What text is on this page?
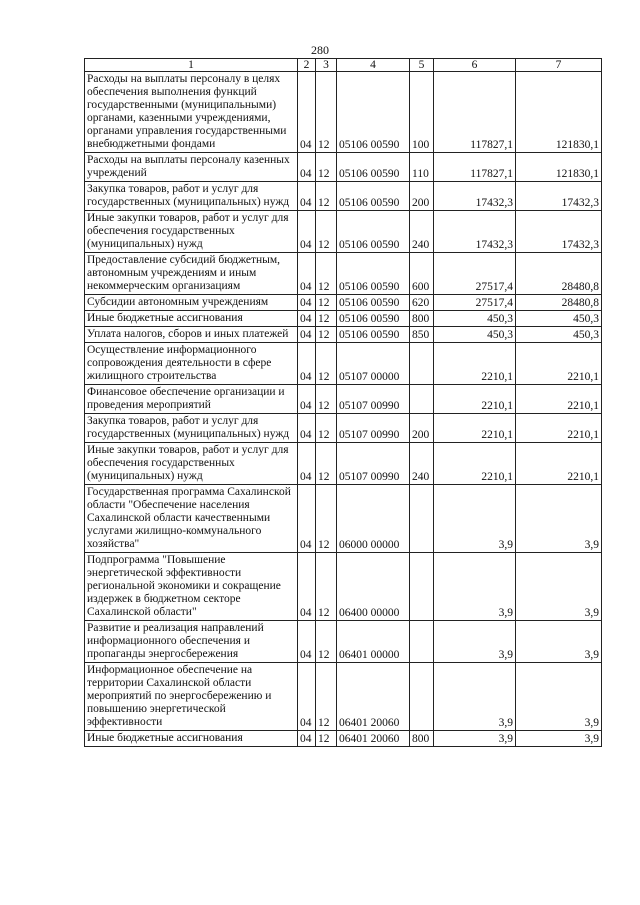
280
1	2	3	4	5	6	7
Расходы на выплаты персоналу в целях обеспечения выполнения функций государственными (муниципальными) органами, казенными учреждениями, органами управления государственными внебюджетными фондами	04	12	05106 00590	100	117827,1	121830,1
Расходы на выплаты персоналу казенных учреждений	04	12	05106 00590	110	117827,1	121830,1
Закупка товаров, работ и услуг для государственных (муниципальных) нужд	04	12	05106 00590	200	17432,3	17432,3
Иные закупки товаров, работ и услуг для обеспечения государственных (муниципальных) нужд	04	12	05106 00590	240	17432,3	17432,3
Предоставление субсидий бюджетным, автономным учреждениям и иным некоммерческим организациям	04	12	05106 00590	600	27517,4	28480,8
Субсидии автономным учреждениям	04	12	05106 00590	620	27517,4	28480,8
Иные бюджетные ассигнования	04	12	05106 00590	800	450,3	450,3
Уплата налогов, сборов и иных платежей	04	12	05106 00590	850	450,3	450,3
Осуществление информационного сопровождения деятельности в сфере жилищного строительства	04	12	05107 00000		2210,1	2210,1
Финансовое обеспечение организации и проведения мероприятий	04	12	05107 00990		2210,1	2210,1
Закупка товаров, работ и услуг для государственных (муниципальных) нужд	04	12	05107 00990	200	2210,1	2210,1
Иные закупки товаров, работ и услуг для обеспечения государственных (муниципальных) нужд	04	12	05107 00990	240	2210,1	2210,1
Государственная программа Сахалинской области "Обеспечение населения Сахалинской области качественными услугами жилищно-коммунального хозяйства"	04	12	06000 00000		3,9	3,9
Подпрограмма "Повышение энергетической эффективности региональной экономики и сокращение издержек в бюджетном секторе Сахалинской области"	04	12	06400 00000		3,9	3,9
Развитие и реализация направлений информационного обеспечения и пропаганды энергосбережения	04	12	06401 00000		3,9	3,9
Информационное обеспечение на территории Сахалинской области мероприятий по энергосбережению и повышению энергетической эффективности	04	12	06401 20060		3,9	3,9
Иные бюджетные ассигнования	04	12	06401 20060	800	3,9	3,9
